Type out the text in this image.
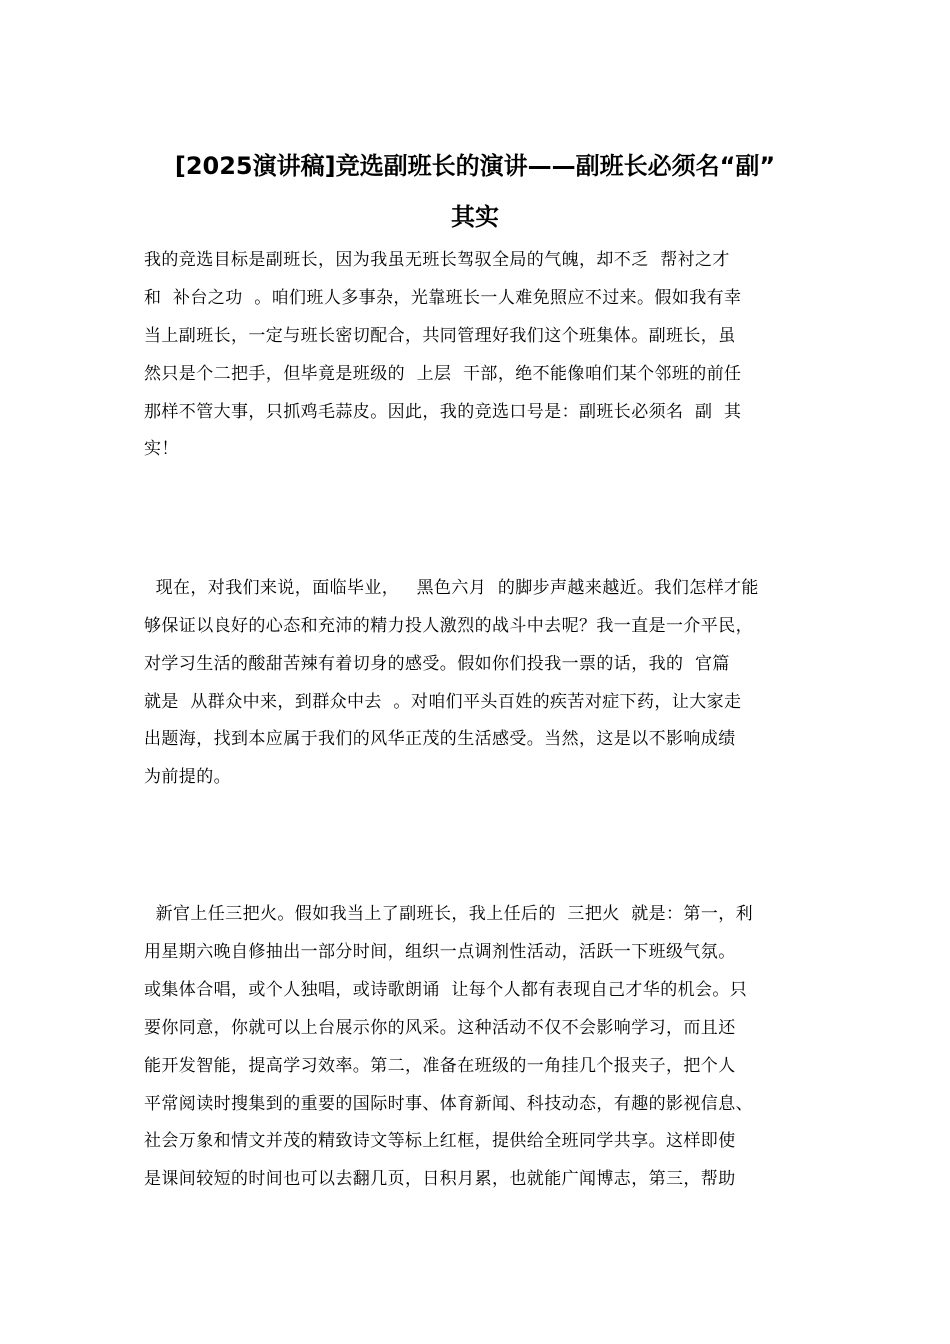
[2025演讲稿]竞选副班长的演讲——副班长必须名“副”
其实
我的竞选目标是副班长，因为我虽无班长驾驭全局的气魄，却不乏  帮衬之才
和  补台之功  。咱们班人多事杂，光靠班长一人难免照应不过来。假如我有幸
当上副班长，一定与班长密切配合，共同管理好我们这个班集体。副班长，虽
然只是个二把手，但毕竟是班级的  上层  干部，绝不能像咱们某个邻班的前任
那样不管大事，只抓鸡毛蒜皮。因此，我的竞选口号是：副班长必须名  副  其
实！
现在，对我们来说，面临毕业，   黑色六月  的脚步声越来越近。我们怎样才能
够保证以良好的心态和充沛的精力投人激烈的战斗中去呢？我一直是一介平民，
对学习生活的酸甜苦辣有着切身的感受。假如你们投我一票的话，我的  官篇
就是  从群众中来，到群众中去  。对咱们平头百姓的疾苦对症下药，让大家走
出题海，找到本应属于我们的风华正茂的生活感受。当然，这是以不影响成绩
为前提的。
新官上任三把火。假如我当上了副班长，我上任后的  三把火  就是：第一，利
用星期六晚自修抽出一部分时间，组织一点调剂性活动，活跃一下班级气氛。
或集体合唱，或个人独唱，或诗歌朗诵  让每个人都有表现自己才华的机会。只
要你同意，你就可以上台展示你的风采。这种活动不仅不会影响学习，而且还
能开发智能，提高学习效率。第二，准备在班级的一角挂几个报夹子，把个人
平常阅读时搜集到的重要的国际时事、体育新闻、科技动态，有趣的影视信息、
社会万象和情文并茂的精致诗文等标上红框，提供给全班同学共享。这样即使
是课间较短的时间也可以去翻几页，日积月累，也就能广闻博志，第三，帮助
